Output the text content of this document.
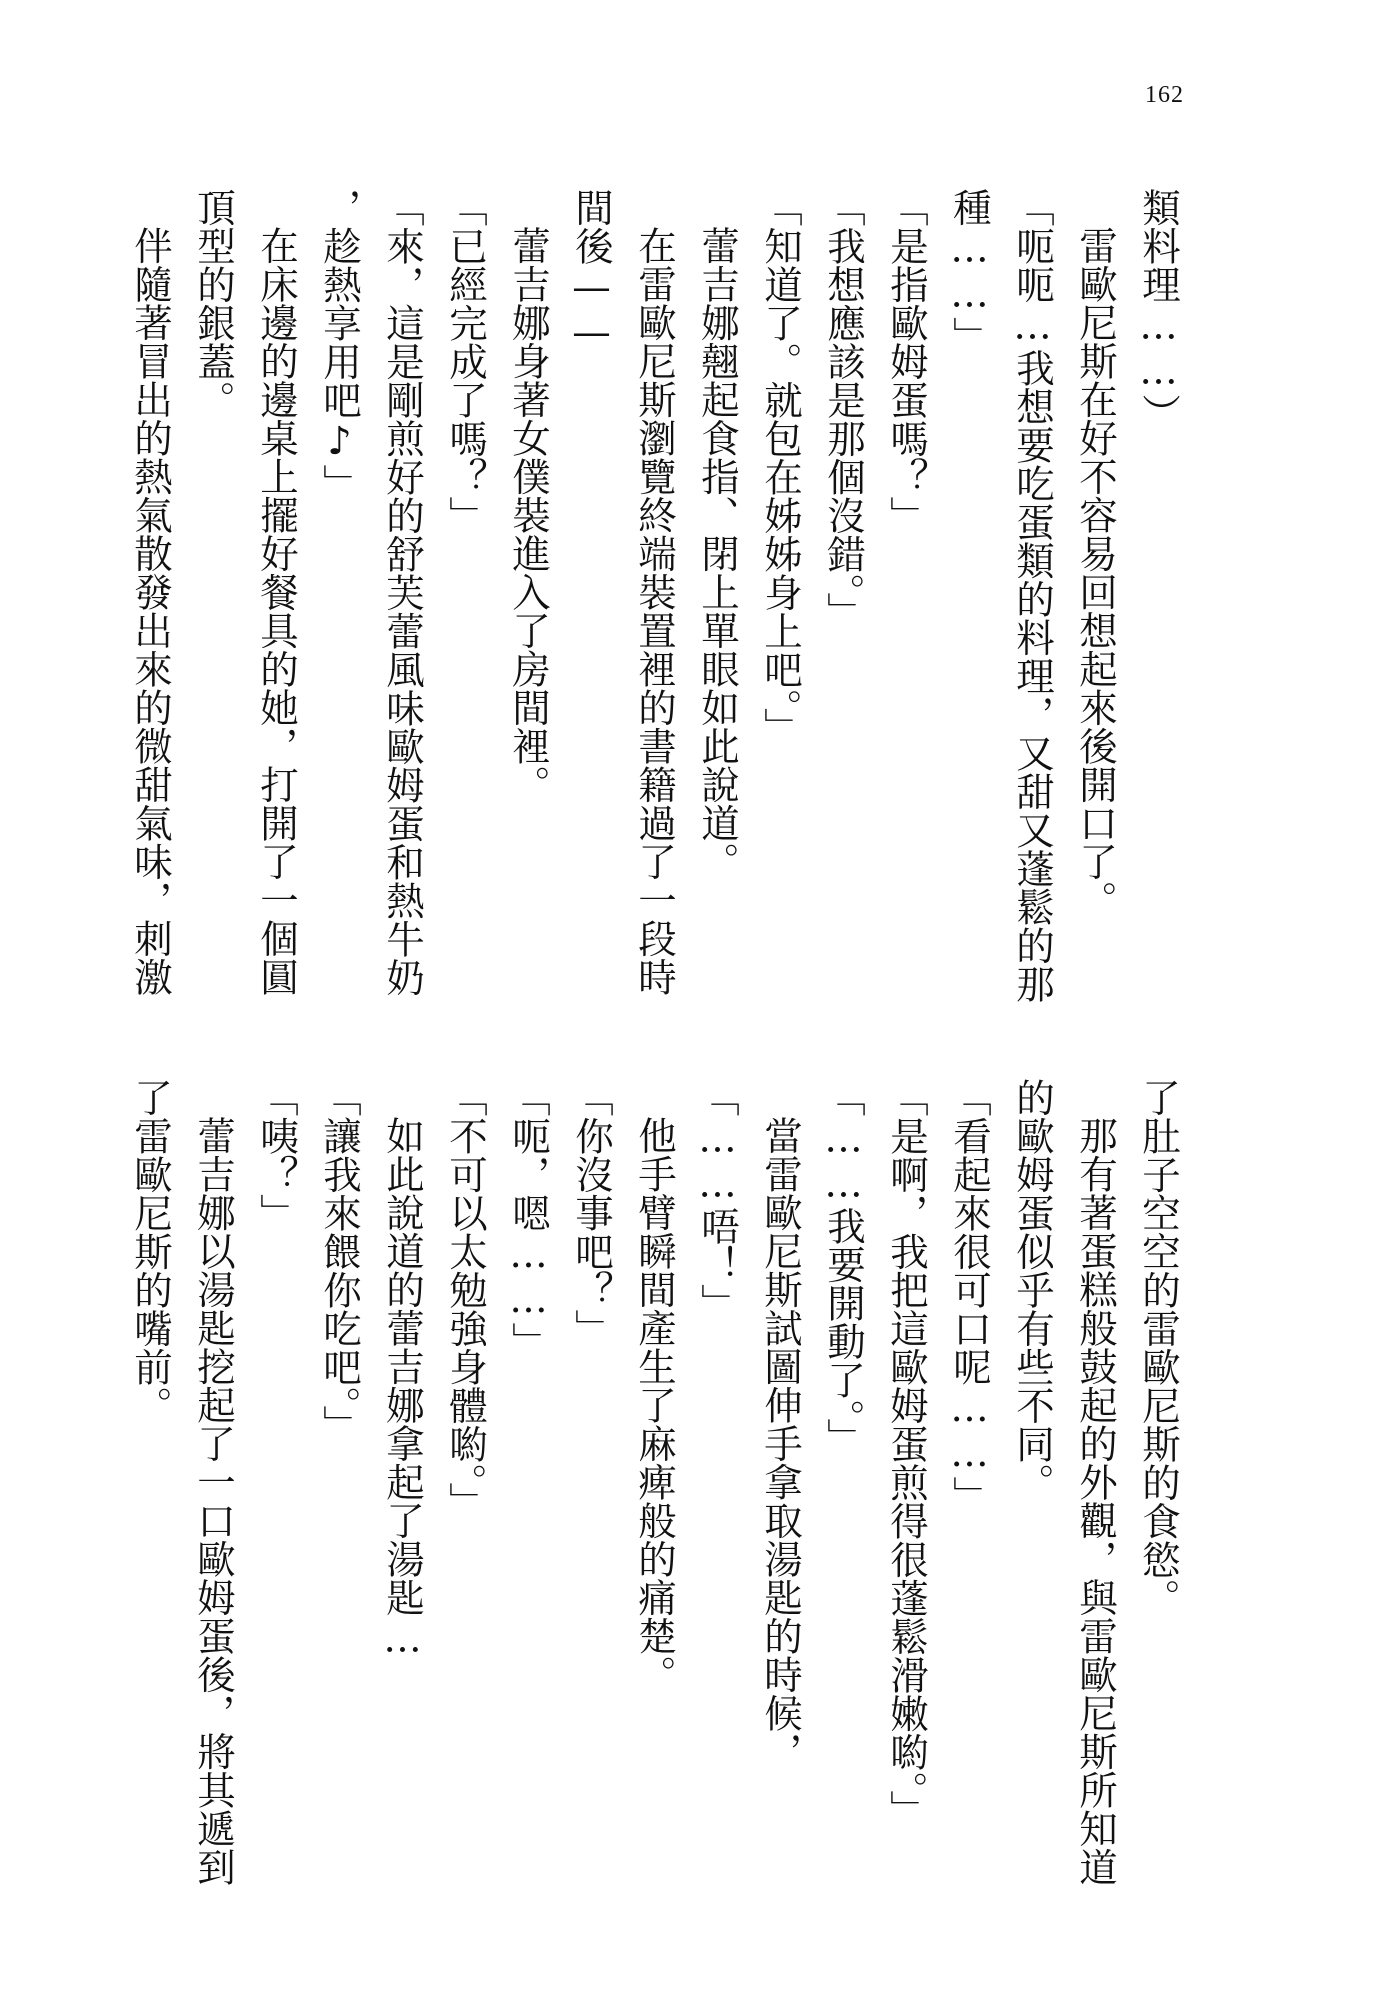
162
類料理……）
雷歐尼斯在好不容易回想起來後開口了。
「呃呃…我想要吃蛋類的料理，又甜又蓬鬆的那
種……」
「是指歐姆蛋嗎？」
「我想應該是那個沒錯。」
「知道了。就包在姊姊身上吧。」
蕾吉娜翹起食指、閉上單眼如此說道。
在雷歐尼斯瀏覽終端裝置裡的書籍過了一段時
間後——
蕾吉娜身著女僕裝進入了房間裡。
「已經完成了嗎？」
「來，這是剛煎好的舒芙蕾風味歐姆蛋和熱牛奶
，趁熱享用吧♪」
在床邊的邊桌上擺好餐具的她，打開了一個圓
頂型的銀蓋。
伴隨著冒出的熱氣散發出來的微甜氣味，刺激
了肚子空空的雷歐尼斯的食慾。
那有著蛋糕般鼓起的外觀，與雷歐尼斯所知道
的歐姆蛋似乎有些不同。
「看起來很可口呢……」
「是啊，我把這歐姆蛋煎得很蓬鬆滑嫩喲。」
「……我要開動了。」
當雷歐尼斯試圖伸手拿取湯匙的時候，
「……唔！」
他手臂瞬間產生了麻痺般的痛楚。
「你沒事吧？」
「呃，嗯……」
「不可以太勉強身體喲。」
如此說道的蕾吉娜拿起了湯匙…
「讓我來餵你吃吧。」
「咦？」
蕾吉娜以湯匙挖起了一口歐姆蛋後，將其遞到
了雷歐尼斯的嘴前。
